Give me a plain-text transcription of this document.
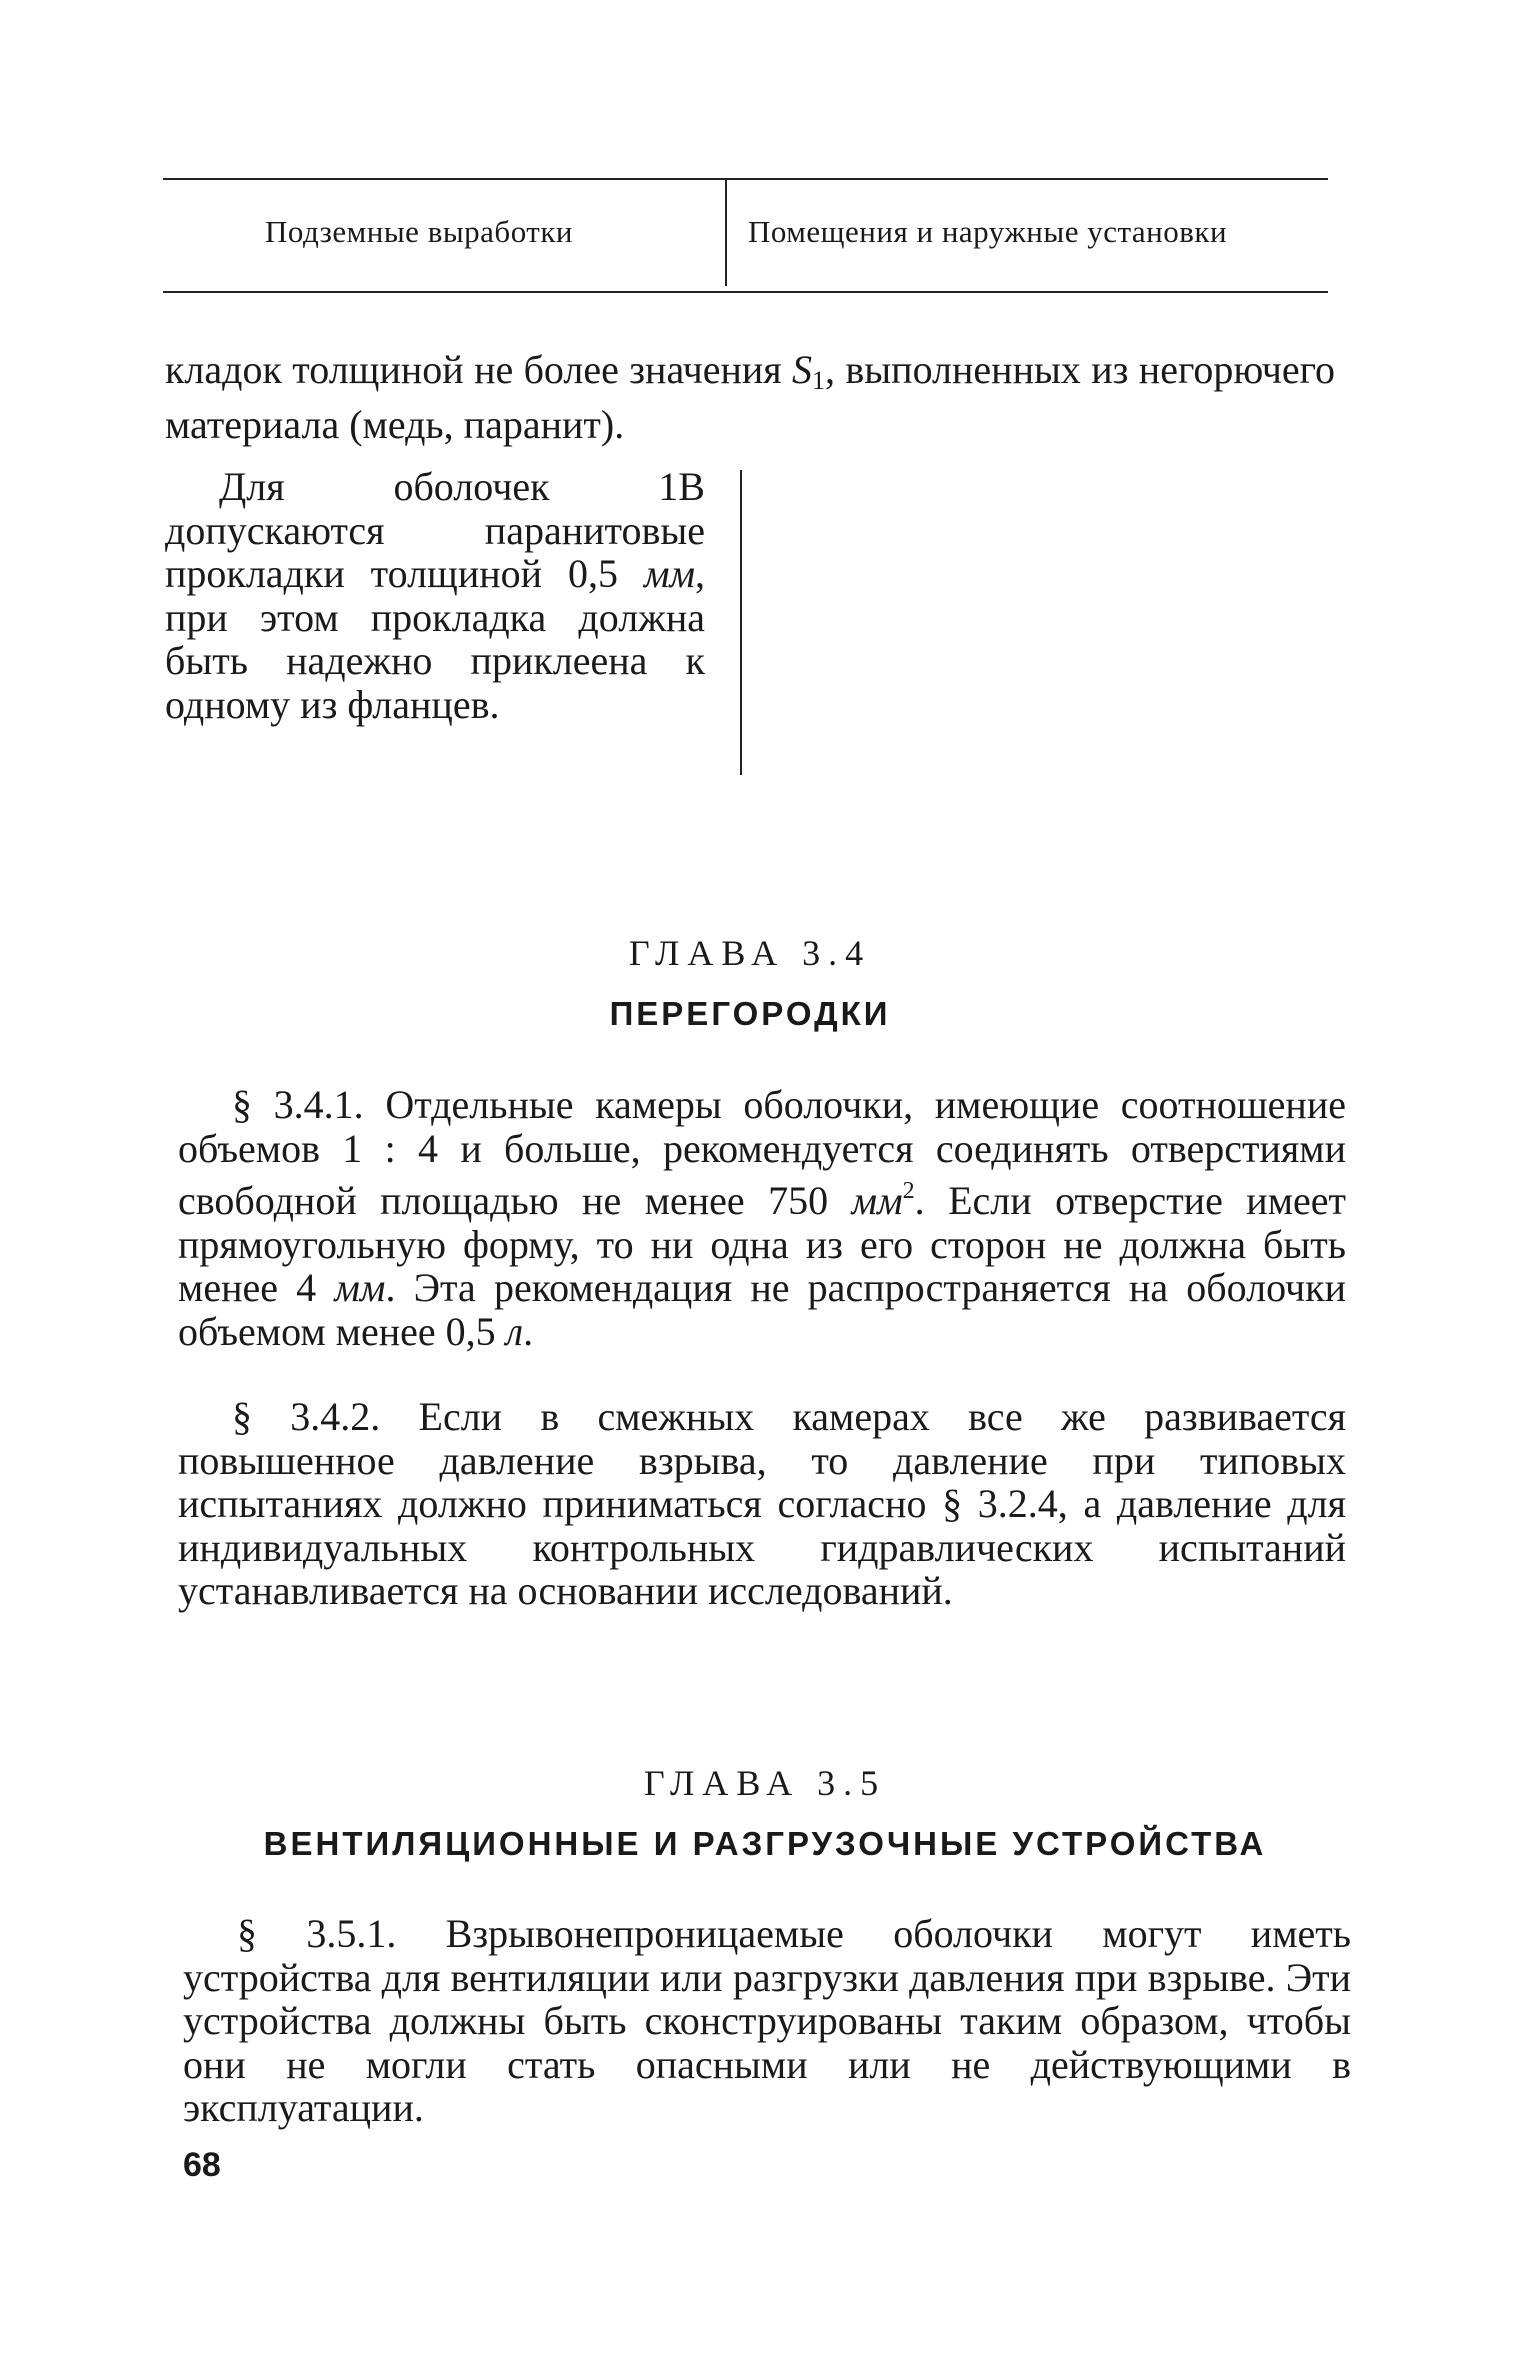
Подземные выработки	Помещения и наружные установки

кладок толщиной не более значения $S_1$, выполненных из негорючего материала (медь, паранит).

Для оболочек 1В допускаются паранитовые прокладки толщиной 0,5 мм, при этом прокладка должна быть надежно приклеена к одному из фланцев.

ГЛАВА 3.4
ПЕРЕГОРОДКИ

§ 3.4.1. Отдельные камеры оболочки, имеющие соотношение объемов 1 : 4 и больше, рекомендуется соединять отверстиями свободной площадью не менее 750 $мм^2$. Если отверстие имеет прямоугольную форму, то ни одна из его сторон не должна быть менее 4 мм. Эта рекомендация не распространяется на оболочки объемом менее 0,5 л.

§ 3.4.2. Если в смежных камерах все же развивается повышенное давление взрыва, то давление при типовых испытаниях должно приниматься согласно § 3.2.4, а давление для индивидуальных контрольных гидравлических испытаний устанавливается на основании исследований.

ГЛАВА 3.5
ВЕНТИЛЯЦИОННЫЕ И РАЗГРУЗОЧНЫЕ УСТРОЙСТВА

§ 3.5.1. Взрывонепроницаемые оболочки могут иметь устройства для вентиляции или разгрузки давления при взрыве. Эти устройства должны быть сконструированы таким образом, чтобы они не могли стать опасными или не действующими в эксплуатации.

68
